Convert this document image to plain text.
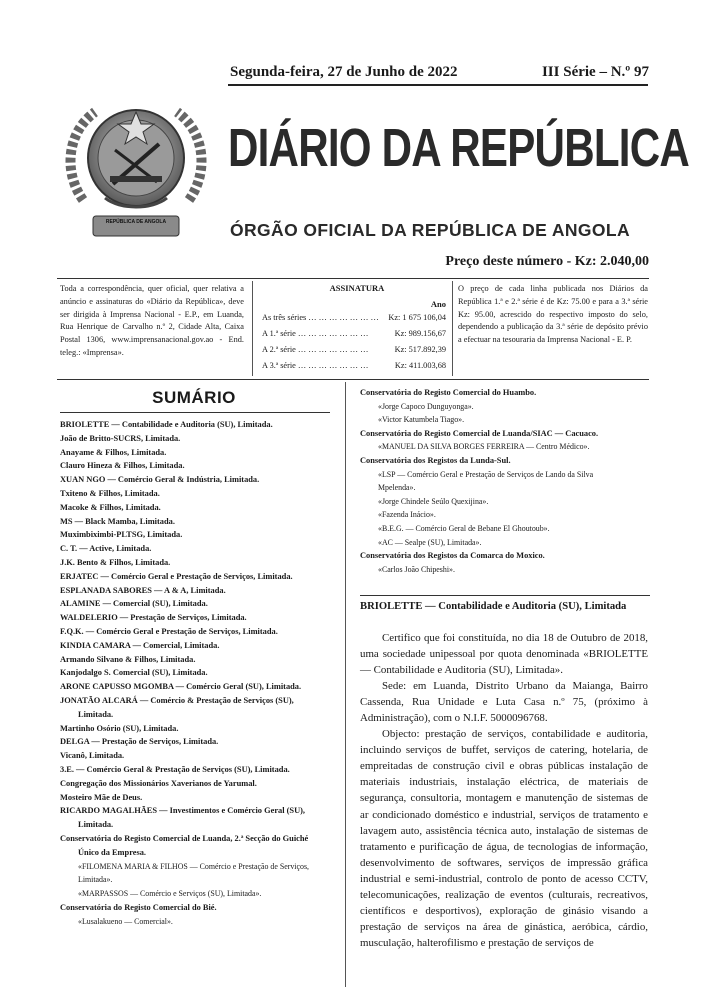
Segunda-feira, 27 de Junho de 2022	III Série – N.º 97
REPÚBLICA DE ANGOLA
DIÁRIO DA REPÚBLICA
ÓRGÃO OFICIAL DA REPÚBLICA DE ANGOLA
Preço deste número - Kz: 2.040,00
Toda a correspondência, quer oficial, quer relativa a anúncio e assinaturas do «Diário da República», deve ser dirigida à Imprensa Nacional - E.P., em Luanda, Rua Henrique de Carvalho n.º 2, Cidade Alta, Caixa Postal 1306, www.imprensanacional.gov.ao - End. teleg.: «Imprensa».
ASSINATURA
Ano
As três séries … … … … … … …	Kz: 1 675 106,04
A 1.ª série … … … … … … …	Kz: 989.156,67
A 2.ª série … … … … … … …	Kz: 517.892,39
A 3.ª série … … … … … … …	Kz: 411.003,68
O preço de cada linha publicada nos Diários da República 1.ª e 2.ª série é de Kz: 75.00 e para a 3.ª série Kz: 95.00, acrescido do respectivo imposto do selo, dependendo a publicação da 3.ª série de depósito prévio a efectuar na tesouraria da Imprensa Nacional - E. P.
SUMÁRIO
BRIOLETTE — Contabilidade e Auditoria (SU), Limitada.
João de Britto-SUCRS, Limitada.
Anayame & Filhos, Limitada.
Clauro Hineza & Filhos, Limitada.
XUAN NGO — Comércio Geral & Indústria, Limitada.
Txiteno & Filhos, Limitada.
Macoke & Filhos, Limitada.
MS — Black Mamba, Limitada.
Muximbiximbi-PLTSG, Limitada.
C. T. — Active, Limitada.
J.K. Bento & Filhos, Limitada.
ERJATEC — Comércio Geral e Prestação de Serviços, Limitada.
ESPLANADA SABORES — A & A, Limitada.
ALAMINE — Comercial (SU), Limitada.
WALDELERIO — Prestação de Serviços, Limitada.
F.Q.K. — Comércio Geral e Prestação de Serviços, Limitada.
KINDIA CAMARA — Comercial, Limitada.
Armando Silvano & Filhos, Limitada.
Kanjodalgo S. Comercial (SU), Limitada.
ARONE CAPUSSO MGOMBA — Comércio Geral (SU), Limitada.
JONATÃO ALCARÁ — Comércio & Prestação de Serviços (SU),
Limitada.
Martinho Osório (SU), Limitada.
DELGA — Prestação de Serviços, Limitada.
Vicanô, Limitada.
3.E. — Comércio Geral & Prestação de Serviços (SU), Limitada.
Congregação dos Missionários Xaverianos de Yarumal.
Mosteiro Mãe de Deus.
RICARDO MAGALHÃES — Investimentos e Comércio Geral (SU),
Limitada.
Conservatória do Registo Comercial de Luanda, 2.ª Secção do Guiché
Único da Empresa.
«FILOMENA MARIA & FILHOS — Comércio e Prestação de Serviços,
Limitada».
«MARPASSOS — Comércio e Serviços (SU), Limitada».
Conservatória do Registo Comercial do Bié.
«Lusalakueno — Comercial».
Conservatória do Registo Comercial do Huambo.
«Jorge Capoco Dunguyonga».
«Victor Katumbela Tiago».
Conservatória do Registo Comercial de Luanda/SIAC — Cacuaco.
«MANUEL DA SILVA BORGES FERREIRA — Centro Médico».
Conservatória dos Registos da Lunda-Sul.
«LSP — Comércio Geral e Prestação de Serviços de Lando da Silva
Mpelenda».
«Jorge Chindele Seúlo Quexijina».
«Fazenda Inácio».
«B.E.G. — Comércio Geral de Bebane El Ghoutoub».
«AC — Sealpe (SU), Limitada».
Conservatória dos Registos da Comarca do Moxico.
«Carlos João Chipeshi».
BRIOLETTE — Contabilidade e Auditoria (SU), Limitada

Certifico que foi constituída, no dia 18 de Outubro de 2018, uma sociedade unipessoal por quota denominada «BRIOLETTE — Contabilidade e Auditoria (SU), Limitada».

Sede: em Luanda, Distrito Urbano da Maianga, Bairro Cassenda, Rua Unidade e Luta Casa n.º 75, (próximo à Administração), com o N.I.F. 5000096768.

Objecto: prestação de serviços, contabilidade e auditoria, incluindo serviços de buffet, serviços de catering, hotelaria, de empreitadas de construção civil e obras públicas instalação de materiais industriais, instalação eléctrica, de materiais de segurança, consultoria, montagem e manutenção de sistemas de ar condicionado doméstico e industrial, serviços de tratamento e lavagem auto, assistência técnica auto, instalação de sistemas de tratamento e purificação de água, de tecnologias de informação, desenvolvimento de softwares, serviços de impressão gráfica industrial e semi-industrial, controlo de ponto de acesso CCTV, telecomunicações, realização de eventos (culturais, recreativos, científicos e desportivos), exploração de ginásio visando a prestação de serviços na área de ginástica, aeróbica, cárdio, musculação, halterofilismo e prestação de serviços de
